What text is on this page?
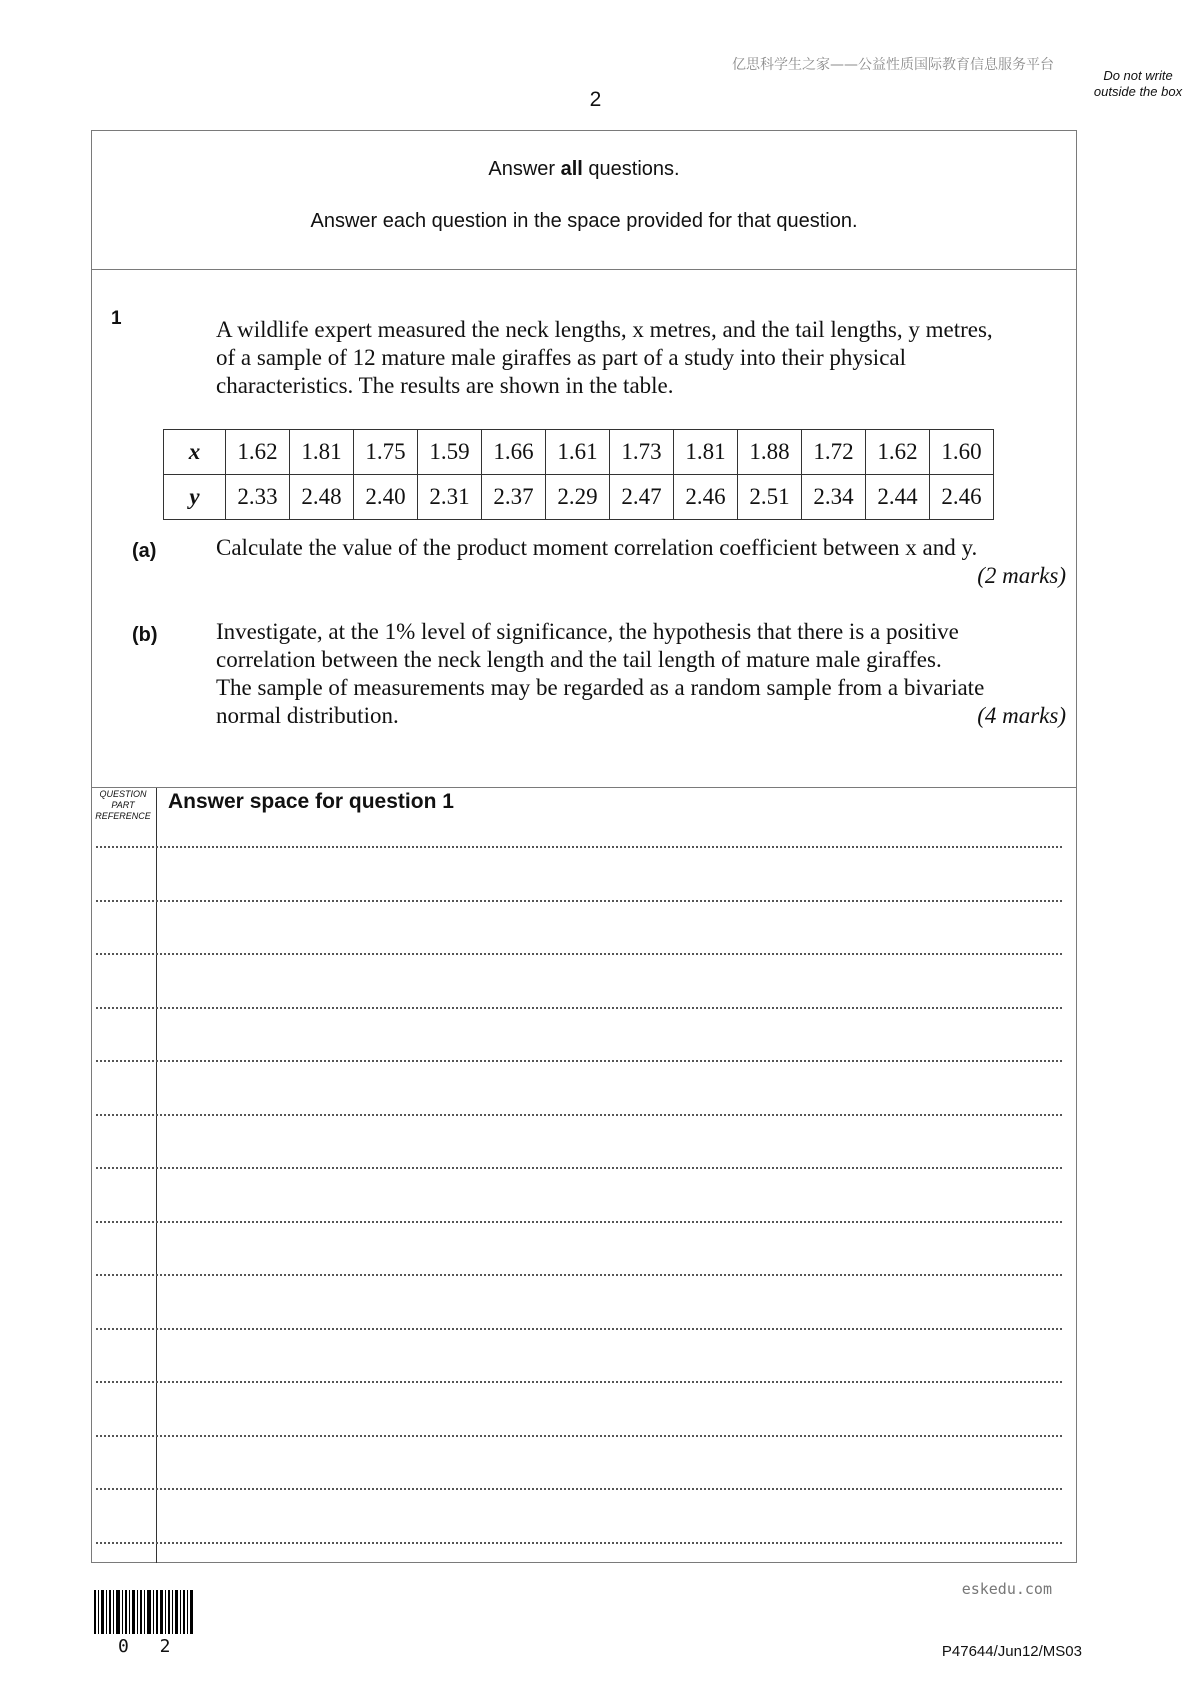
亿思科学生之家——公益性质国际教育信息服务平台
2
Do not write outside the box
Answer all questions.
Answer each question in the space provided for that question.
1	A wildlife expert measured the neck lengths, x metres, and the tail lengths, y metres,
of a sample of 12 mature male giraffes as part of a study into their physical
characteristics. The results are shown in the table.
x	1.62	1.81	1.75	1.59	1.66	1.61	1.73	1.81	1.88	1.72	1.62	1.60
y	2.33	2.48	2.40	2.31	2.37	2.29	2.47	2.46	2.51	2.34	2.44	2.46
(a)	Calculate the value of the product moment correlation coefficient between x and y.
(2 marks)
(b)	Investigate, at the 1% level of significance, the hypothesis that there is a positive
correlation between the neck length and the tail length of mature male giraffes.
The sample of measurements may be regarded as a random sample from a bivariate
normal distribution.	(4 marks)
QUESTION
PART
REFERENCE
Answer space for question 1
0 2
eskedu.com
P47644/Jun12/MS03
